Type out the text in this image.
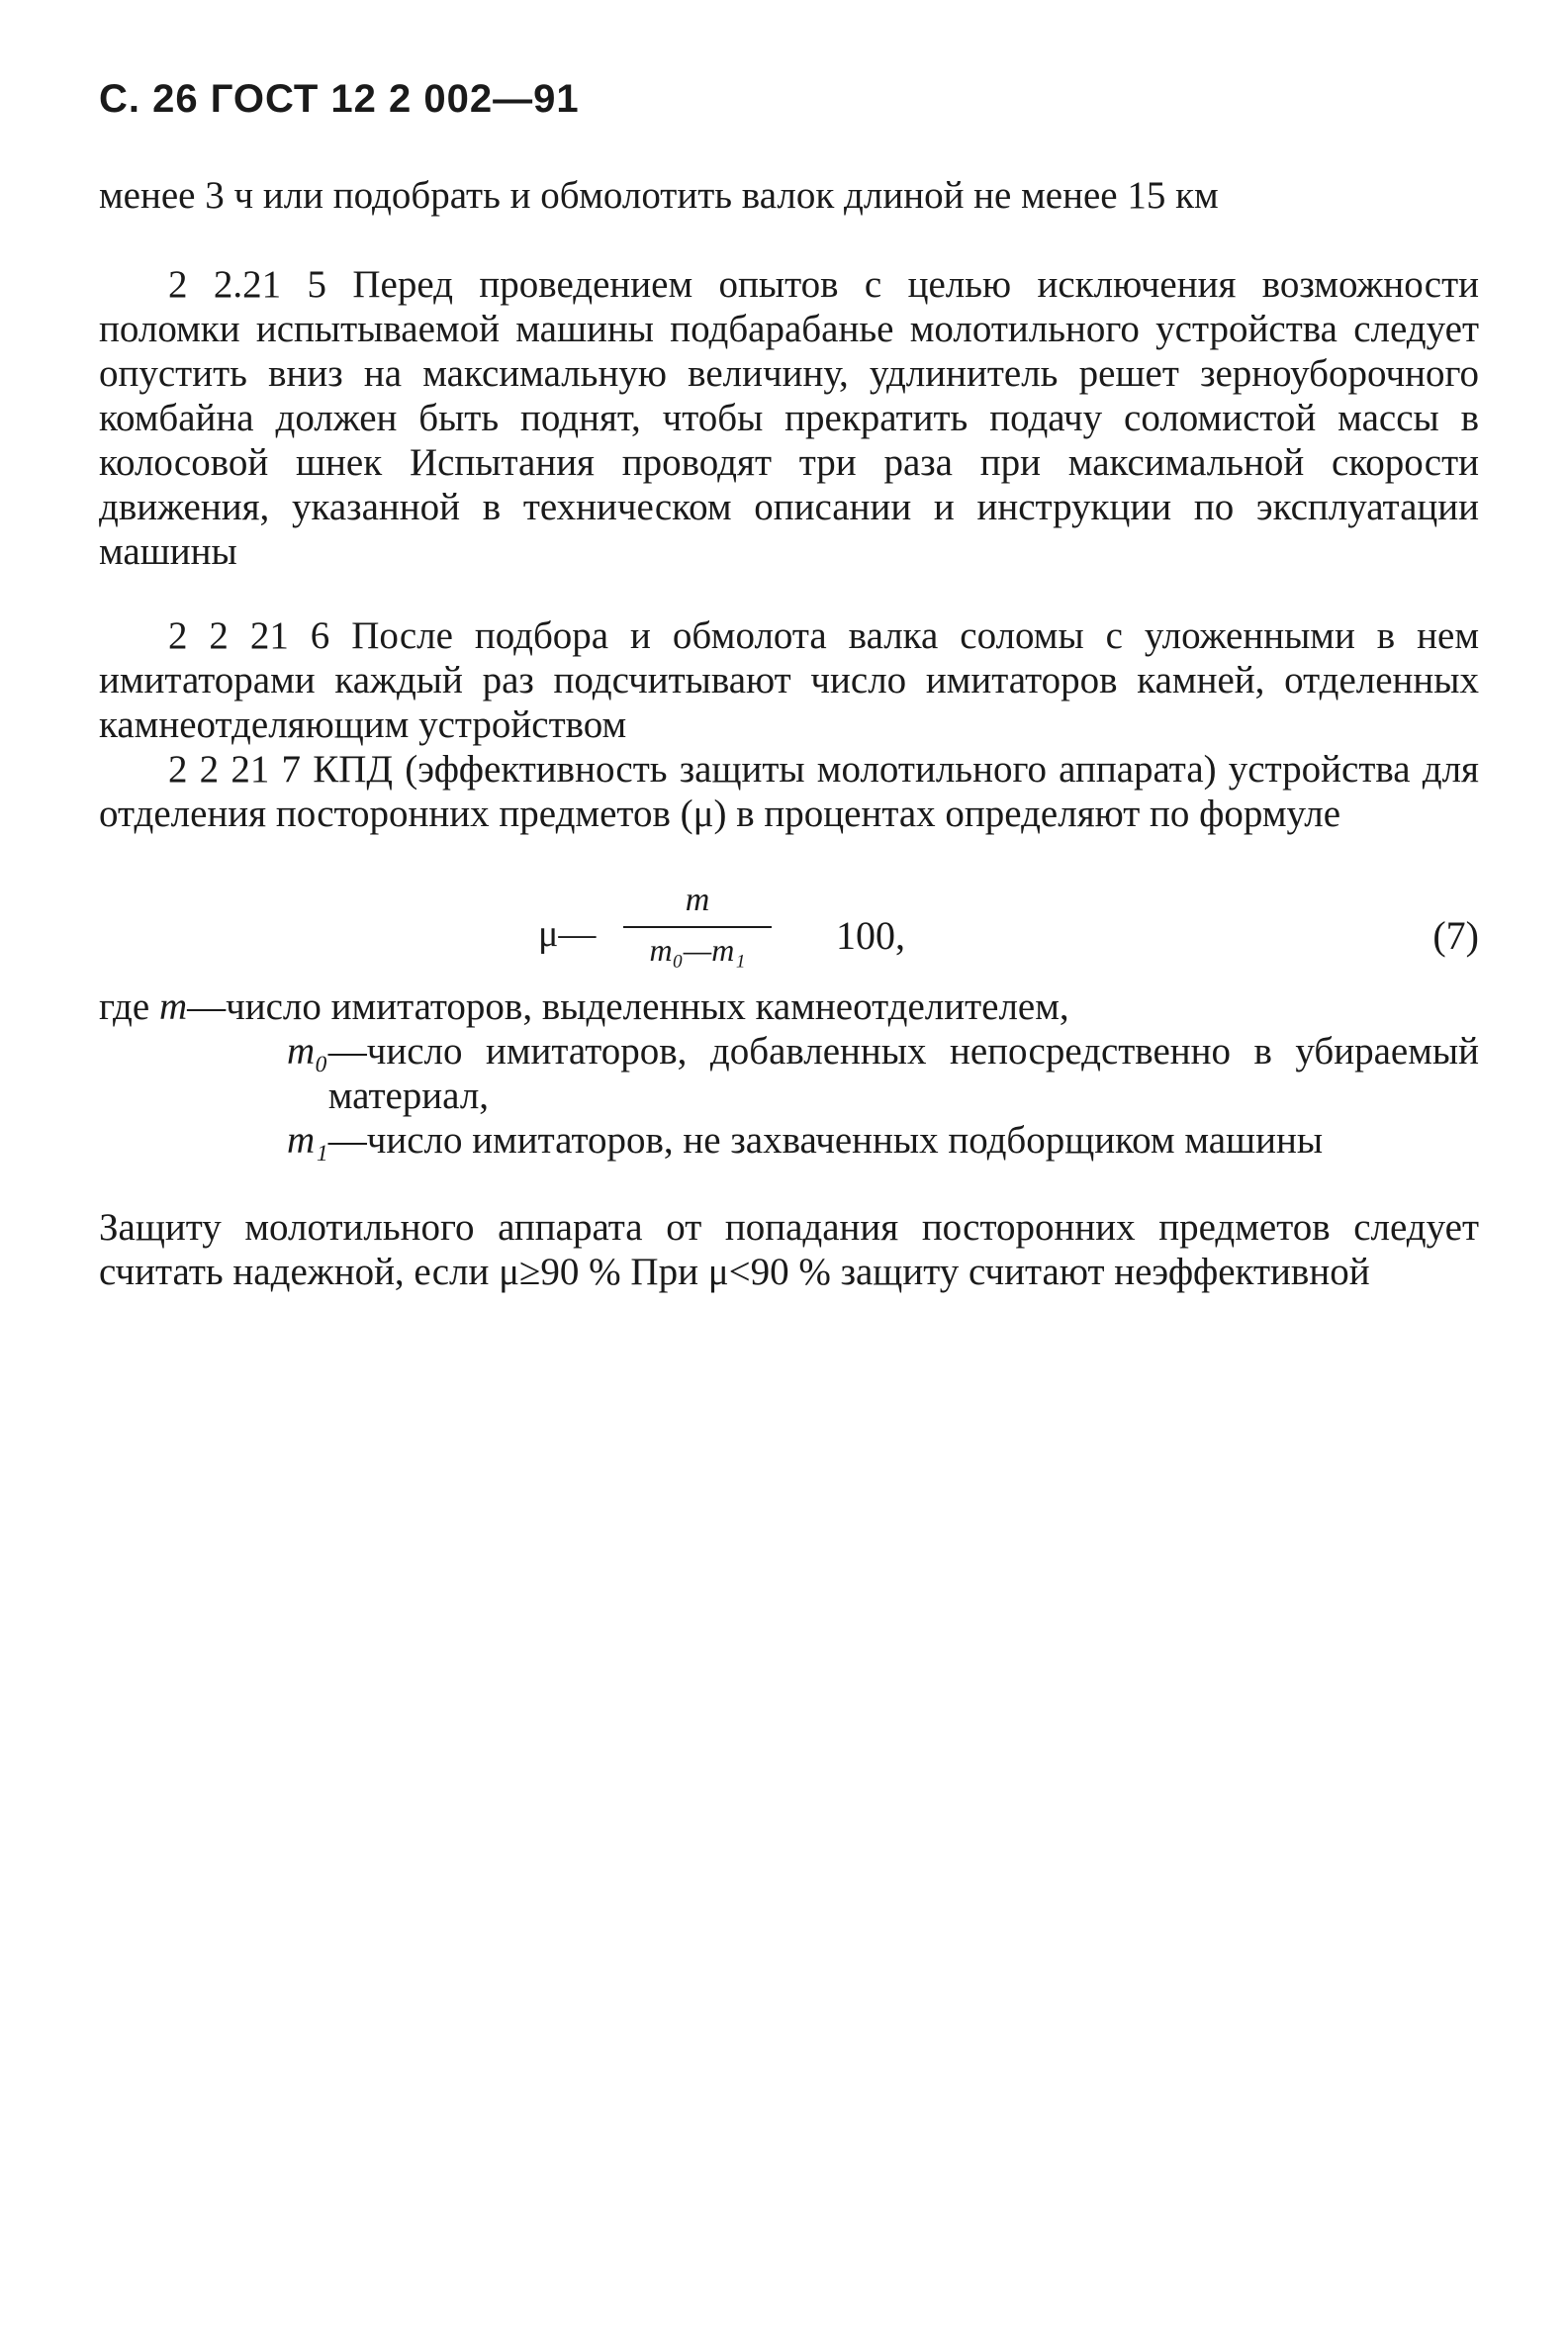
С. 26 ГОСТ 12 2 002—91
менее 3 ч или подобрать и обмолотить валок длиной не менее 15 км
2 2.21 5 Перед проведением опытов с целью исключения возможности поломки испытываемой машины подбарабанье молотильного устройства следует опустить вниз на максимальную величину, удлинитель решет зерноуборочного комбайна должен быть поднят, чтобы прекратить подачу соломистой массы в колосовой шнек Испытания проводят три раза при максимальной скорости движения, указанной в техническом описании и инструкции по эксплуатации машины
2 2 21 6 После подбора и обмолота валка соломы с уложенными в нем имитаторами каждый раз подсчитывают число имитаторов камней, отделенных камнеотделяющим устройством
2 2 21 7 КПД (эффективность защиты молотильного аппарата) устройства для отделения посторонних предметов (μ) в процентах определяют по формуле
μ—
m
m₀—m₁	100,	(7)
где
m —число имитаторов, выделенных камнеотделителем,
m₀ —число имитаторов, добавленных непосредственно в убираемый материал,
m₁ —число имитаторов, не захваченных подборщиком машины
Защиту молотильного аппарата от попадания посторонних предметов следует считать надежной, если μ≥90 % При μ<90 % защиту считают неэффективной
